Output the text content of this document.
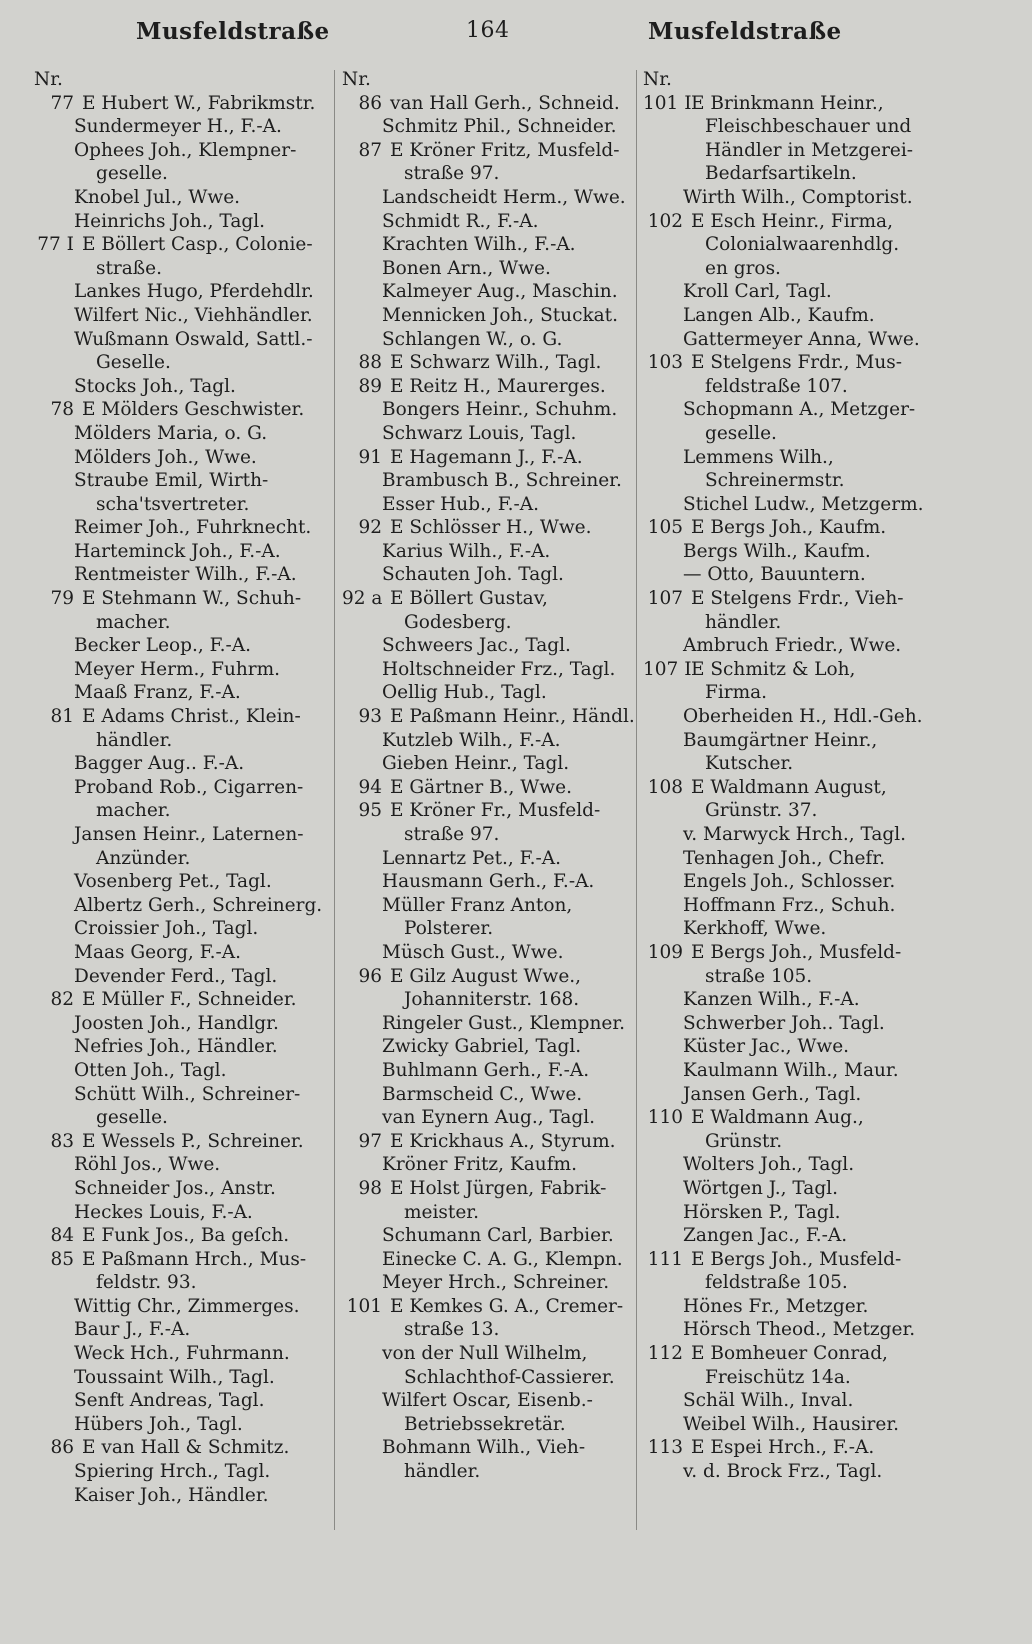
Musfeldstraße	164	Musfeldstraße
Nr.
77 E Hubert W., Fabrikmstr.
Sundermeyer H., F.-A.
Ophees Joh., Klempner-
geselle.
Knobel Jul., Wwe.
Heinrichs Joh., Tagl.
77 I E Böllert Casp., Colonie-
straße.
Lankes Hugo, Pferdehdlr.
Wilfert Nic., Viehhändler.
Wußmann Oswald, Sattl.-
Geselle.
Stocks Joh., Tagl.
78 E Mölders Geschwister.
Mölders Maria, o. G.
Mölders Joh., Wwe.
Straube Emil, Wirth-
scha'tsvertreter.
Reimer Joh., Fuhrknecht.
Harteminck Joh., F.-A.
Rentmeister Wilh., F.-A.
79 E Stehmann W., Schuh-
macher.
Becker Leop., F.-A.
Meyer Herm., Fuhrm.
Maaß Franz, F.-A.
81 E Adams Christ., Klein-
händler.
Bagger Aug.. F.-A.
Proband Rob., Cigarren-
macher.
Jansen Heinr., Laternen-
Anzünder.
Vosenberg Pet., Tagl.
Albertz Gerh., Schreinerg.
Croissier Joh., Tagl.
Maas Georg, F.-A.
Devender Ferd., Tagl.
82 E Müller F., Schneider.
Joosten Joh., Handlgr.
Nefries Joh., Händler.
Otten Joh., Tagl.
Schütt Wilh., Schreiner-
geselle.
83 E Wessels P., Schreiner.
Röhl Jos., Wwe.
Schneider Jos., Anstr.
Heckes Louis, F.-A.
84 E Funk Jos., Ba geſch.
85 E Paßmann Hrch., Mus-
feldstr. 93.
Wittig Chr., Zimmerges.
Baur J., F.-A.
Weck Hch., Fuhrmann.
Toussaint Wilh., Tagl.
Senft Andreas, Tagl.
Hübers Joh., Tagl.
86 E van Hall & Schmitz.
Spiering Hrch., Tagl.
Kaiser Joh., Händler.
Nr.
86 van Hall Gerh., Schneid.
Schmitz Phil., Schneider.
87 E Kröner Fritz, Musfeld-
straße 97.
Landscheidt Herm., Wwe.
Schmidt R., F.-A.
Krachten Wilh., F.-A.
Bonen Arn., Wwe.
Kalmeyer Aug., Maschin.
Mennicken Joh., Stuckat.
Schlangen W., o. G.
88 E Schwarz Wilh., Tagl.
89 E Reitz H., Maurerges.
Bongers Heinr., Schuhm.
Schwarz Louis, Tagl.
91 E Hagemann J., F.-A.
Brambusch B., Schreiner.
Esser Hub., F.-A.
92 E Schlösser H., Wwe.
Karius Wilh., F.-A.
Schauten Joh. Tagl.
92 a E Böllert Gustav,
Godesberg.
Schweers Jac., Tagl.
Holtschneider Frz., Tagl.
Oellig Hub., Tagl.
93 E Paßmann Heinr., Händl.
Kutzleb Wilh., F.-A.
Gieben Heinr., Tagl.
94 E Gärtner B., Wwe.
95 E Kröner Fr., Musfeld-
straße 97.
Lennartz Pet., F.-A.
Hausmann Gerh., F.-A.
Müller Franz Anton,
Polsterer.
Müsch Gust., Wwe.
96 E Gilz August Wwe.,
Johanniterstr. 168.
Ringeler Gust., Klempner.
Zwicky Gabriel, Tagl.
Buhlmann Gerh., F.-A.
Barmscheid C., Wwe.
van Eynern Aug., Tagl.
97 E Krickhaus A., Styrum.
Kröner Fritz, Kaufm.
98 E Holst Jürgen, Fabrik-
meister.
Schumann Carl, Barbier.
Einecke C. A. G., Klempn.
Meyer Hrch., Schreiner.
101 E Kemkes G. A., Cremer-
straße 13.
von der Null Wilhelm,
Schlachthof-Cassierer.
Wilfert Oscar, Eisenb.-
Betriebssekretär.
Bohmann Wilh., Vieh-
händler.
Nr.
101 IE Brinkmann Heinr.,
Fleischbeschauer und
Händler in Metzgerei-
Bedarfsartikeln.
Wirth Wilh., Comptorist.
102 E Esch Heinr., Firma,
Colonialwaarenhdlg.
en gros.
Kroll Carl, Tagl.
Langen Alb., Kaufm.
Gattermeyer Anna, Wwe.
103 E Stelgens Frdr., Mus-
feldstraße 107.
Schopmann A., Metzger-
geselle.
Lemmens Wilh.,
Schreinermstr.
Stichel Ludw., Metzgerm.
105 E Bergs Joh., Kaufm.
Bergs Wilh., Kaufm.
— Otto, Bauuntern.
107 E Stelgens Frdr., Vieh-
händler.
Ambruch Friedr., Wwe.
107 IE Schmitz & Loh,
Firma.
Oberheiden H., Hdl.-Geh.
Baumgärtner Heinr.,
Kutscher.
108 E Waldmann August,
Grünstr. 37.
v. Marwyck Hrch., Tagl.
Tenhagen Joh., Chefr.
Engels Joh., Schlosser.
Hoffmann Frz., Schuh.
Kerkhoff, Wwe.
109 E Bergs Joh., Musfeld-
straße 105.
Kanzen Wilh., F.-A.
Schwerber Joh.. Tagl.
Küster Jac., Wwe.
Kaulmann Wilh., Maur.
Jansen Gerh., Tagl.
110 E Waldmann Aug.,
Grünstr.
Wolters Joh., Tagl.
Wörtgen J., Tagl.
Hörsken P., Tagl.
Zangen Jac., F.-A.
111 E Bergs Joh., Musfeld-
feldstraße 105.
Hönes Fr., Metzger.
Hörsch Theod., Metzger.
112 E Bomheuer Conrad,
Freischütz 14a.
Schäl Wilh., Inval.
Weibel Wilh., Hausirer.
113 E Espei Hrch., F.-A.
v. d. Brock Frz., Tagl.
